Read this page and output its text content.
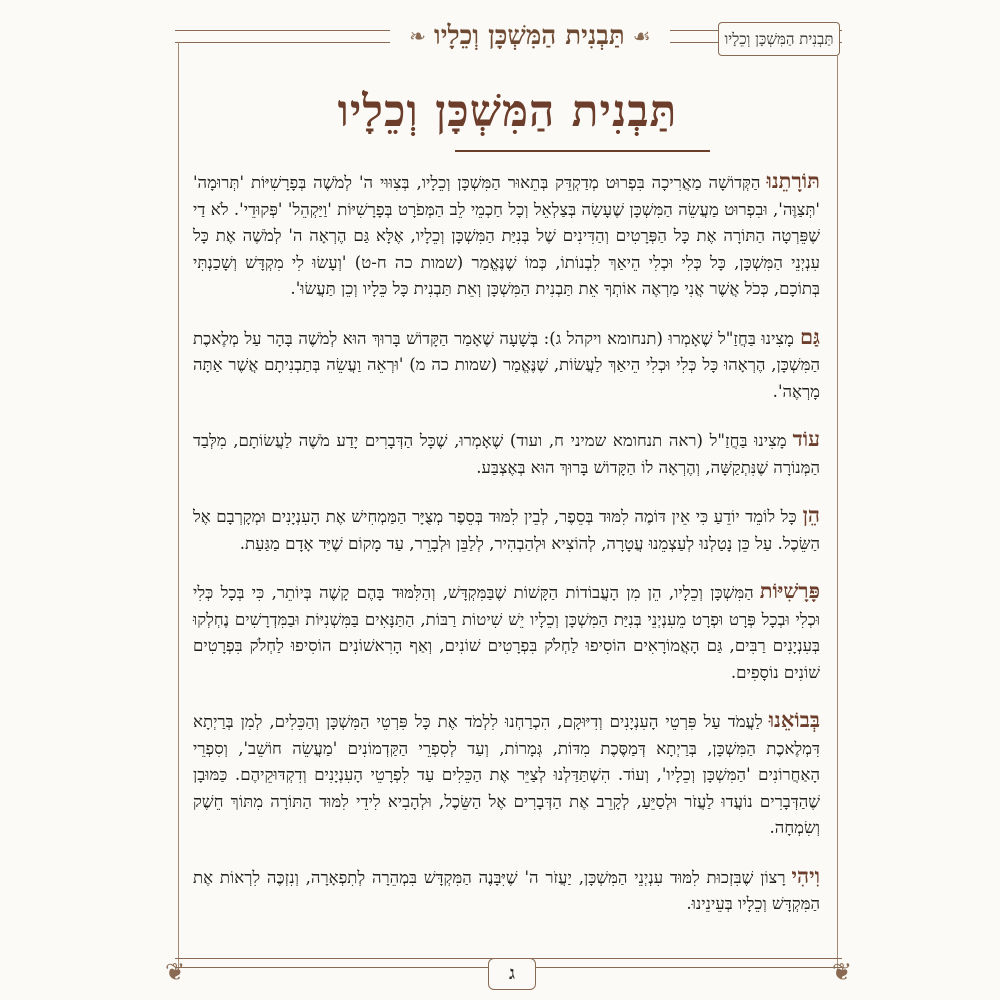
תַּבְנִית הַמִּשְׁכָּן וְכֵלָיו
❧ תַּבְנִית הַמִּשְׁכָּן וְכֵלָיו ☙
תַּבְנִית הַמִּשְׁכָּן וְכֵלָיו

תּוֹרָתֵנוּהַקְּדוֹשָׁה מַאֲרִיכָה בִּפְרוּט מְדַקְדֵּק בְּתֵאוּר הַמִּשְׁכָּן וְכֵלָיו, בְּצִוּוּי ה' לְמֹשֶׁה בְּפָרָשִׁיּוֹת 'תְּרוּמָה' 'תְּצַוֶּה', וּבִפְרוּט מַעֲשֵׂה הַמִּשְׁכָּן שֶׁעָשָׂה בְּצַלְאֵל וְכָל חַכְמֵי לֵב הַמְּפֹרָט בְּפָרָשִׁיּוֹת 'וַיַּקְהֵל' 'פְּקוּדֵי'. לֹא דַי שֶׁפֵּרְטָה הַתּוֹרָה אֶת כָּל הַפְּרָטִים וְהַדִּינִים שֶׁל בְּנִיַּת הַמִּשְׁכָּן וְכֵלָיו, אֶלָּא גַּם הֶרְאָה ה' לְמֹשֶׁה אֶת כָּל עִנְיְנֵי הַמִּשְׁכָּן, כָּל כְּלִי וּכְלִי הֵיאַךְ לִבְנוֹתוֹ, כְּמוֹ שֶׁנֶּאֱמַר (שמות כה ח-ט) 'וְעָשׂוּ לִי מִקְדָּשׁ וְשָׁכַנְתִּי בְּתוֹכָם, כְּכֹל אֲשֶׁר אֲנִי מַרְאֶה אוֹתְךָ אֵת תַּבְנִית הַמִּשְׁכָּן וְאֵת תַּבְנִית כָּל כֵּלָיו וְכֵן תַּעֲשׂוּ'.

גַּםמָצִינוּ בַּחֲזַ"ל שֶׁאָמְרוּ (תנחומא ויקהל ג): בְּשָׁעָה שֶׁאָמַר הַקָּדוֹשׁ בָּרוּךְ הוּא לְמֹשֶׁה בָּהָר עַל מְלֶאכֶת הַמִּשְׁכָּן, הֶרְאָהוּ כָּל כְּלִי וּכְלִי הֵיאַךְ לַעֲשׂוֹת, שֶׁנֶּאֱמַר (שמות כה מ) 'וּרְאֵה וַעֲשֵׂה בְּתַבְנִיתָם אֲשֶׁר אַתָּה מָרְאֶה'.

עוֹדמָצִינוּ בַּחֲזַ"ל (ראה תנחומא שמיני ח, ועוד) שֶׁאָמְרוּ, שֶׁכָּל הַדְּבָרִים יָדַע מֹשֶׁה לַעֲשׂוֹתָם, מִלְּבַד הַמְּנוֹרָה שֶׁנִּתְקַשָּׁה, וְהֶרְאָה לוֹ הַקָּדוֹשׁ בָּרוּךְ הוּא בְּאֶצְבַּע.

הֵןכָּל לוֹמֵד יוֹדֵעַ כִּי אֵין דּוֹמֶה לִמּוּד בְּסֵפֶר, לְבֵין לִמּוּד בְּסֵפֶר מְצֻיָּר הַמַּמְחִישׁ אֶת הָעִנְיָנִים וּמְקָרְבָם אֶל הַשֵּׂכֶל. עַל כֵּן נָטַלְנוּ לְעַצְמֵנוּ עֲטָרָה, לְהוֹצִיא וּלְהַבְהִיר, לְלַבֵּן וּלְבָרֵר, עַד מָקוֹם שֶׁיַּד אָדָם מַגַּעַת.

פָּרָשִׁיּוֹתהַמִּשְׁכָּן וְכֵלָיו, הֵן מִן הָעֲבוֹדוֹת הַקָּשׁוֹת שֶׁבַּמִּקְדָּשׁ, וְהַלִּמּוּד בָּהֶם קָשֶׁה בְּיוֹתֵר, כִּי בְּכָל כְּלִי וּכְלִי וּבְכָל פְּרָט וּפְרָט מֵעִנְיְנֵי בְּנִיַּת הַמִּשְׁכָּן וְכֵלָיו יֵשׁ שִׁיטוֹת רַבּוֹת, הַתַּנָּאִים בַּמִּשְׁנִיּוֹת וּבַמִּדְרָשִׁים נֶחְלְקוּ בְּעִנְיָנִים רַבִּים, גַּם הָאֲמוֹרָאִים הוֹסִיפוּ לַחְלֹק בִּפְרָטִים שׁוֹנִים, וְאַף הָרִאשׁוֹנִים הוֹסִיפוּ לַחְלֹק בִּפְרָטִים שׁוֹנִים נוֹסָפִים.

בְּבוֹאֵנוּלַעֲמֹד עַל פִּרְטֵי הָעִנְיָנִים וְדִיּוּקָם, הִכְרַחְנוּ לִלְמֹד אֶת כָּל פִּרְטֵי הַמִּשְׁכָּן וְהַכֵּלִים, לְמִן בְּרַיְתָא דִּמְלֶאכֶת הַמִּשְׁכָּן, בְּרַיְתָא דְּמַסֶּכֶת מִדּוֹת, גְּמָרוֹת, וְעַד לְסִפְרֵי הַקַּדְמוֹנִים 'מַעֲשֵׂה חוֹשֵׁב', וְסִפְרֵי הָאַחֲרוֹנִים 'הַמִּשְׁכָּן וְכֵלָיו', וְעוֹד. הִשְׁתַּדַּלְנוּ לְצַיֵּר אֶת הַכֵּלִים עַד לִפְרָטֵי הָעִנְיָנִים וְדִקְדּוּקֵיהֶם. כַּמּוּבָן שֶׁהַדְּבָרִים נוֹעֲדוּ לַעֲזֹר וּלְסַיֵּעַ, לְקָרֵב אֶת הַדְּבָרִים אֶל הַשֵּׂכֶל, וּלְהָבִיא לִידֵי לִמּוּד הַתּוֹרָה מִתּוֹךְ חֵשֶׁק וְשִׂמְחָה.

וִיהִירָצוֹן שֶׁבִּזְכוּת לִמּוּד עִנְיְנֵי הַמִּשְׁכָּן, יַעֲזֹר ה' שֶׁיִּבָּנֶה הַמִּקְדָּשׁ בִּמְהֵרָה לְתִפְאָרָה, וְנִזְכֶּה לִרְאוֹת אֶת הַמִּקְדָּשׁ וְכֵלָיו בְּעֵינֵינוּ.

ג
❦	❦
